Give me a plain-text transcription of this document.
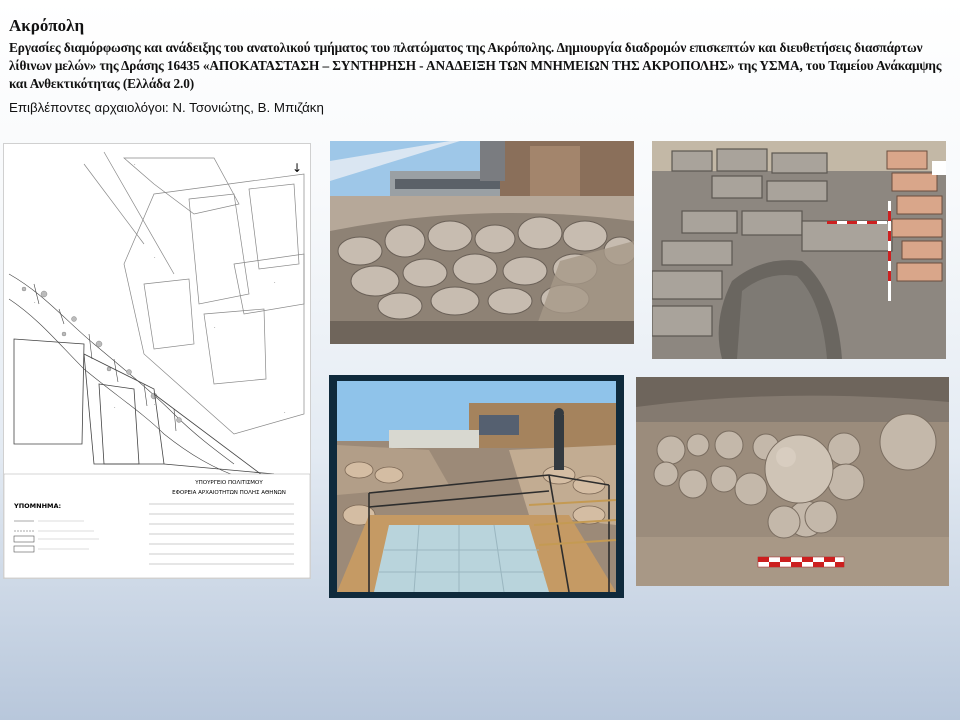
Ακρόπολη
Εργασίες διαμόρφωσης και ανάδειξης του ανατολικού τμήματος του πλατώματος της Ακρόπολης. Δημιουργία διαδρομών επισκεπτών και διευθετήσεις διασπάρτων λίθινων μελών» της Δράσης 16435 «ΑΠΟΚΑΤΑΣΤΑΣΗ – ΣΥΝΤΗΡΗΣΗ - ΑΝΑΔΕΙΞΗ ΤΩΝ ΜΝΗΜΕΙΩΝ ΤΗΣ ΑΚΡΟΠΟΛΗΣ» της ΥΣΜΑ, του Ταμείου Ανάκαμψης και Ανθεκτικότητας (Ελλάδα 2.0)
Επιβλέποντες αρχαιολόγοι: Ν. Τσονιώτης, Β. Μπιζάκη
↓
·
·
·
·
·	·
·
·
ΥΠΟΜΝΗΜΑ:
ΥΠΟΥΡΓΕΙΟ ΠΟΛΙΤΙΣΜΟΥ
ΕΦΟΡΕΙΑ ΑΡΧΑΙΟΤΗΤΩΝ ΠΟΛΗΣ ΑΘΗΝΩΝ
